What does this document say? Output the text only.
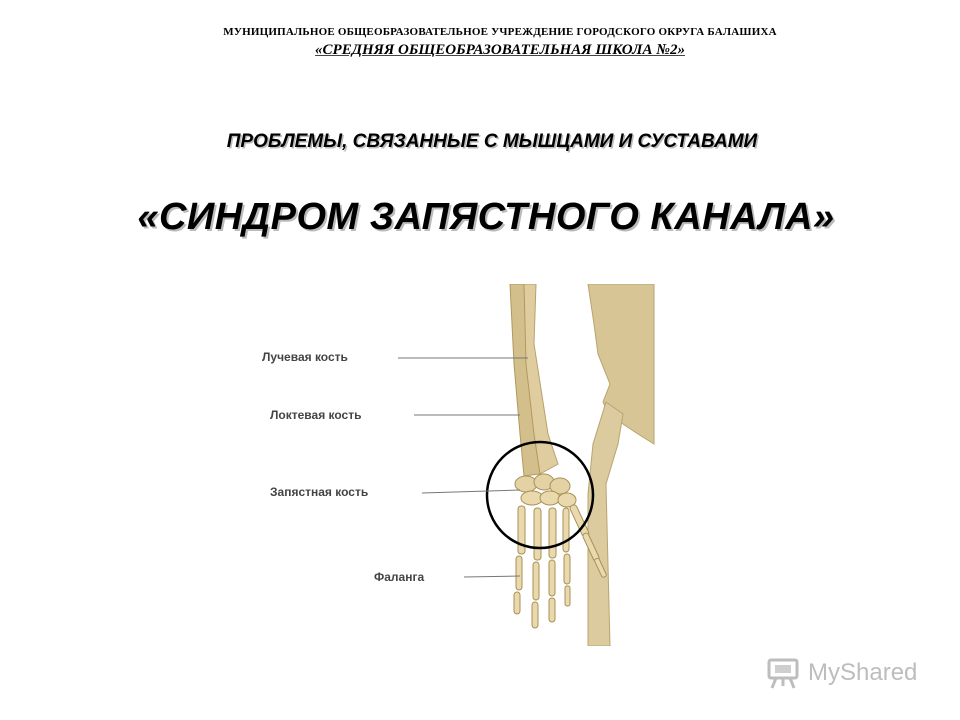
МУНИЦИПАЛЬНОЕ ОБЩЕОБРАЗОВАТЕЛЬНОЕ УЧРЕЖДЕНИЕ ГОРОДСКОГО ОКРУГА БАЛАШИХА
«СРЕДНЯЯ ОБЩЕОБРАЗОВАТЕЛЬНАЯ ШКОЛА №2»
ПРОБЛЕМЫ, СВЯЗАННЫЕ С МЫШЦАМИ И СУСТАВАМИ
«СИНДРОМ ЗАПЯСТНОГО КАНАЛА»
Лучевая кость
Локтевая кость
Запястная кость
Фаланга
MyShared
